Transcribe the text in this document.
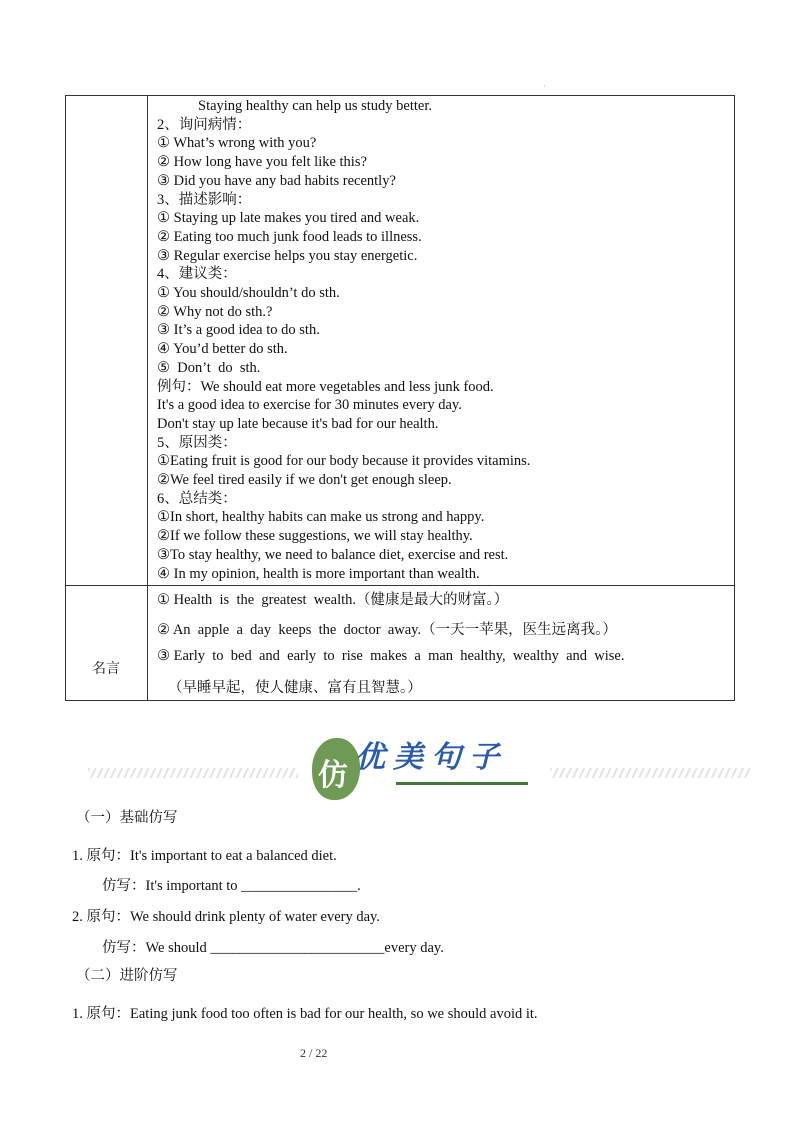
·
Staying healthy can help us study better.
2、询问病情：
① What’s wrong with you?
② How long have you felt like this?
③ Did you have any bad habits recently?
3、描述影响：
① Staying up late makes you tired and weak.
② Eating too much junk food leads to illness.
③ Regular exercise helps you stay energetic.
4、建议类：
① You should/shouldn’t do sth.
② Why not do sth.?
③ It’s a good idea to do sth.
④ You’d better do sth.
⑤  Don’t  do  sth.
例句：We should eat more vegetables and less junk food.
It's a good idea to exercise for 30 minutes every day.
Don't stay up late because it's bad for our health.
5、原因类：
①Eating fruit is good for our body because it provides vitamins.
②We feel tired easily if we don't get enough sleep.
6、总结类：
①In short, healthy habits can make us strong and happy.
②If we follow these suggestions, we will stay healthy.
③To stay healthy, we need to balance diet, exercise and rest.
④ In my opinion, health is more important than wealth.
名言
① Health  is  the  greatest  wealth.（健康是最大的财富。）
② An  apple  a  day  keeps  the  doctor  away.（一天一苹果，医生远离我。）
③ Early  to  bed  and  early  to  rise  makes  a  man  healthy,  wealthy  and  wise.
（早睡早起，使人健康、富有且智慧。）
仿
优美句子
（一）基础仿写
1. 原句：It's important to eat a balanced diet.
仿写：It's important to ________________.
2. 原句：We should drink plenty of water every day.
仿写：We should ________________________every day.
（二）进阶仿写
1. 原句：Eating junk food too often is bad for our health, so we should avoid it.
2 / 22
